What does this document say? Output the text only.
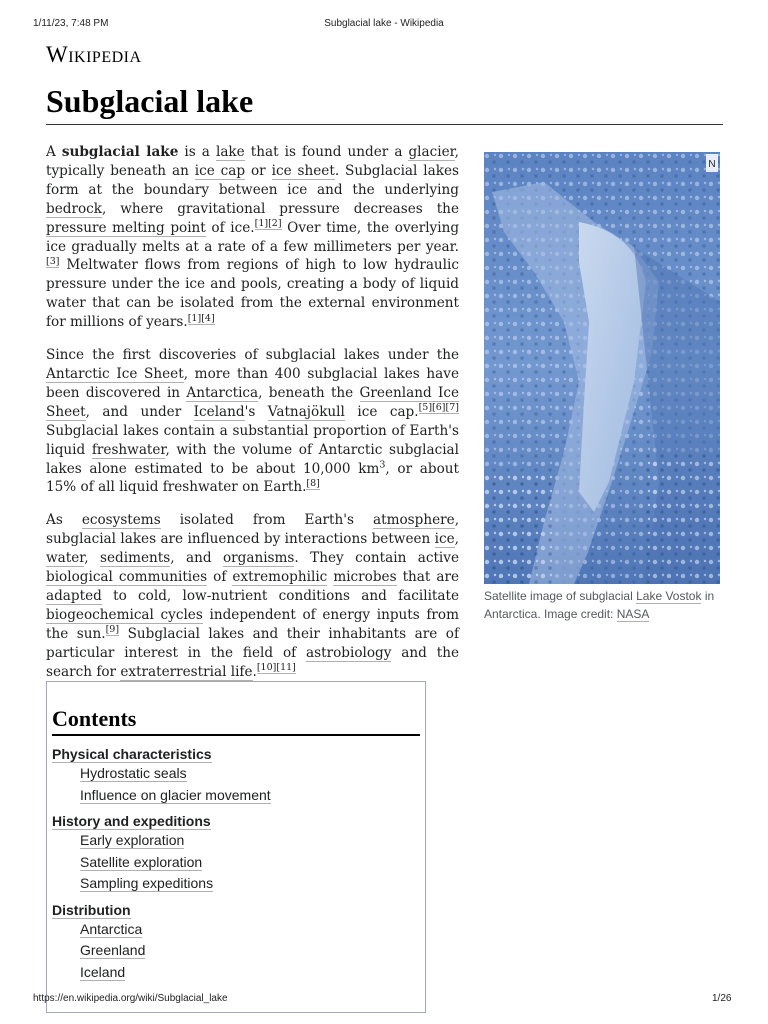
1/11/23, 7:48 PM	Subglacial lake - Wikipedia
Wikipedia
Subglacial lake

A subglacial lake is a lake that is found under a glacier, typically beneath an ice cap or ice sheet. Subglacial lakes form at the boundary between ice and the underlying bedrock, where gravitational pressure decreases the pressure melting point of ice.[1][2] Over time, the overlying ice gradually melts at a rate of a few millimeters per year.[3] Meltwater flows from regions of high to low hydraulic pressure under the ice and pools, creating a body of liquid water that can be isolated from the external environment for millions of years.[1][4]

Since the first discoveries of subglacial lakes under the Antarctic Ice Sheet, more than 400 subglacial lakes have been discovered in Antarctica, beneath the Greenland Ice Sheet, and under Iceland's Vatnajökull ice cap.[5][6][7] Subglacial lakes contain a substantial proportion of Earth's liquid freshwater, with the volume of Antarctic subglacial lakes alone estimated to be about 10,000 $km^3$, or about 15% of all liquid freshwater on Earth.[8]

As ecosystems isolated from Earth's atmosphere, subglacial lakes are influenced by interactions between ice, water, sediments, and organisms. They contain active biological communities of extremophilic microbes that are adapted to cold, low-nutrient conditions and facilitate biogeochemical cycles independent of energy inputs from the sun.[9] Subglacial lakes and their inhabitants are of particular interest in the field of astrobiology and the search for extraterrestrial life.[10][11]

N
Satellite image of subglacial Lake Vostok in Antarctica. Image credit: NASA
Contents
Physical characteristics
Hydrostatic seals
Influence on glacier movement
History and expeditions
Early exploration
Satellite exploration
Sampling expeditions
Distribution
Antarctica
Greenland
Iceland
https://en.wikipedia.org/wiki/Subglacial_lake	1/26
